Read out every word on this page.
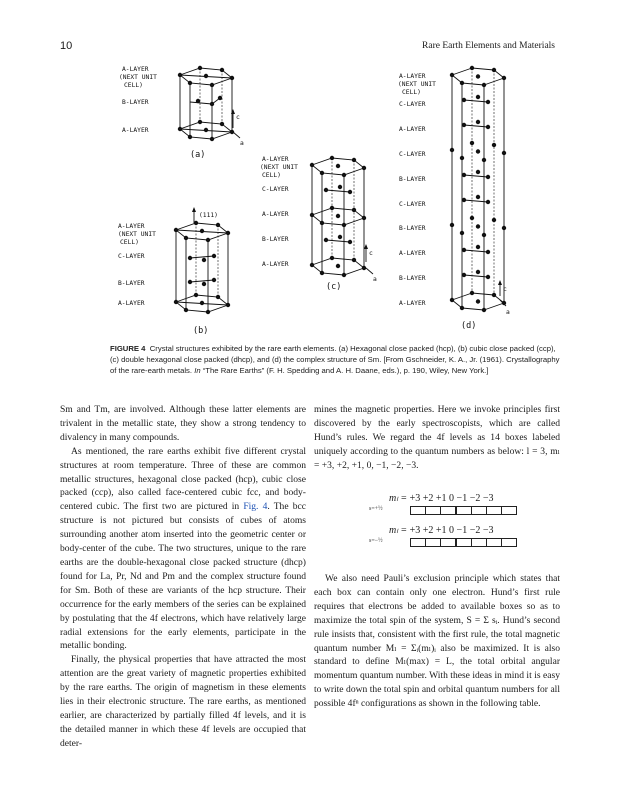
10	Rare Earth Elements and Materials
A-LAYER
(NEXT UNIT
CELL)
B-LAYER
A-LAYER
c
a
(a)
A-LAYER
(NEXT UNIT
CELL)
C-LAYER
B-LAYER
A-LAYER
(111)
(b)
A-LAYER
(NEXT UNIT
CELL)
C-LAYER
A-LAYER
B-LAYER
A-LAYER
c
a
(c)
A-LAYER
(NEXT UNIT
CELL)
C-LAYER
A-LAYER
C-LAYER
B-LAYER
C-LAYER
B-LAYER
A-LAYER
B-LAYER
A-LAYER
c
a
(d)
FIGURE 4 Crystal structures exhibited by the rare earth elements. (a) Hexagonal close packed (hcp), (b) cubic close packed (ccp), (c) double hexagonal close packed (dhcp), and (d) the complex structure of Sm. [From Gschneider, K. A., Jr. (1961). Crystallography of the rare-earth metals. In “The Rare Earths” (F. H. Spedding and A. H. Daane, eds.), p. 190, Wiley, New York.]

Sm and Tm, are involved. Although these latter elements are trivalent in the metallic state, they show a strong tendency to divalency in many compounds.

As mentioned, the rare earths exhibit five different crystal structures at room temperature. Three of these are common metallic structures, hexagonal close packed (hcp), cubic close packed (ccp), also called face-centered cubic fcc, and body-centered cubic. The first two are pictured in Fig. 4. The bcc structure is not pictured but consists of cubes of atoms surrounding another atom inserted into the geometric center or body-center of the cube. The two structures, unique to the rare earths are the double-hexagonal close packed structure (dhcp) found for La, Pr, Nd and Pm and the complex structure found for Sm. Both of these are variants of the hcp structure. Their occurrence for the early members of the series can be explained by postulating that the 4f electrons, which have relatively large radial extensions for the early elements, participate in the metallic bonding.

Finally, the physical properties that have attracted the most attention are the great variety of magnetic properties exhibited by the rare earths. The origin of magnetism in these elements lies in their electronic structure. The rare earths, as mentioned earlier, are characterized by partially filled 4f levels, and it is the detailed manner in which these 4f levels are occupied that deter-

mines the magnetic properties. Here we invoke principles first discovered by the early spectroscopists, which are called Hund’s rules. We regard the 4f levels as 14 boxes labeled uniquely according to the quantum numbers as below: l = 3, mₗ = +3, +2, +1, 0, −1, −2, −3.

mₗ = +3 +2 +1 0 −1 −2 −3
s=+½
mₗ = +3 +2 +1 0 −1 −2 −3
s=−½

We also need Pauli’s exclusion principle which states that each box can contain only one electron. Hund’s first rule requires that electrons be added to available boxes so as to maximize the total spin of the system, S = Σ sᵢ. Hund’s second rule insists that, consistent with the first rule, the total magnetic quantum number Mₗ = Σᵢ(mₗ)ᵢ also be maximized. It is also standard to define Mₗ(max) = L, the total orbital angular momentum quantum number. With these ideas in mind it is easy to write down the total spin and orbital quantum numbers for all possible 4fⁿ configurations as shown in the following table.
